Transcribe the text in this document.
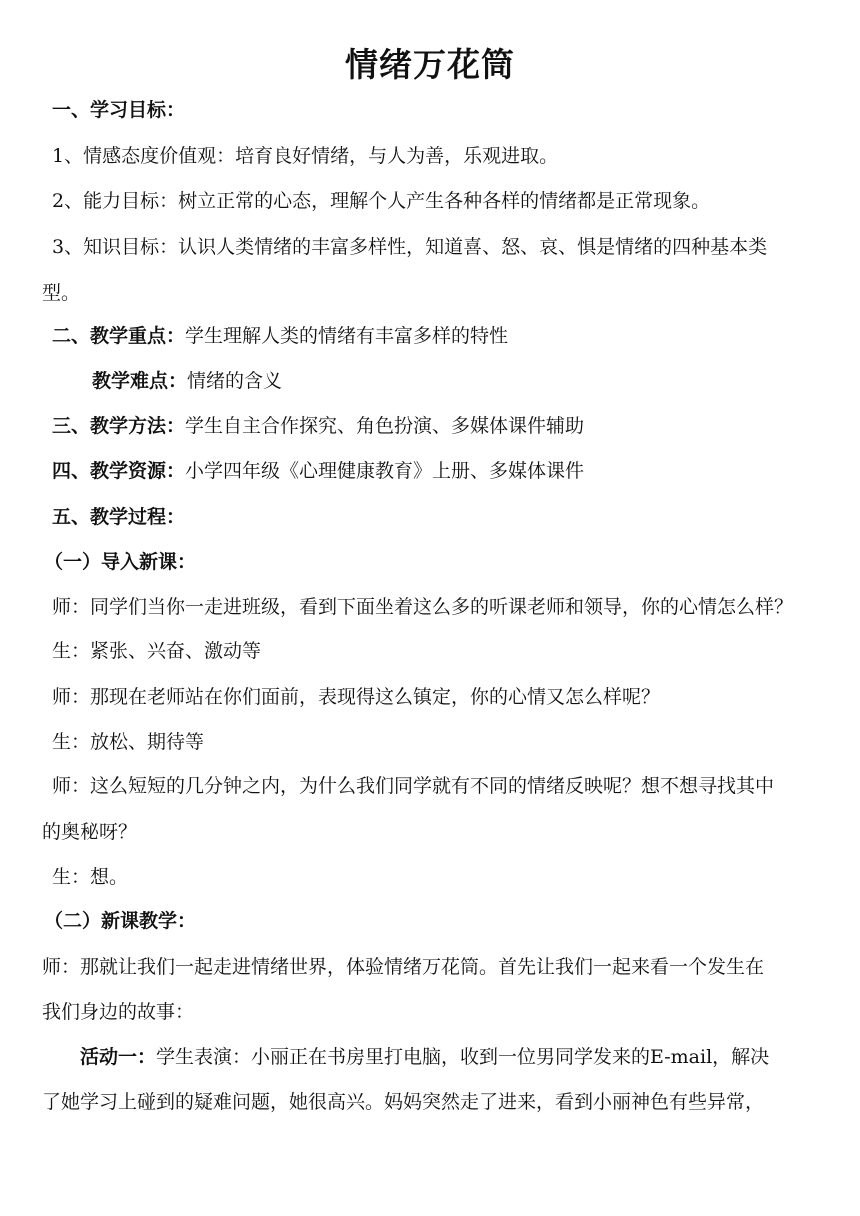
情绪万花筒
一、学习目标：
1、情感态度价值观：培育良好情绪，与人为善，乐观进取。
2、能力目标：树立正常的心态，理解个人产生各种各样的情绪都是正常现象。
3、知识目标：认识人类情绪的丰富多样性，知道喜、怒、哀、惧是情绪的四种基本类
型。
二、教学重点：学生理解人类的情绪有丰富多样的特性
教学难点：情绪的含义
三、教学方法：学生自主合作探究、角色扮演、多媒体课件辅助
四、教学资源：小学四年级《心理健康教育》上册、多媒体课件
五、教学过程：
（一）导入新课：
师：同学们当你一走进班级，看到下面坐着这么多的听课老师和领导，你的心情怎么样？
生：紧张、兴奋、激动等
师：那现在老师站在你们面前，表现得这么镇定，你的心情又怎么样呢？
生：放松、期待等
师：这么短短的几分钟之内，为什么我们同学就有不同的情绪反映呢？想不想寻找其中
的奥秘呀？
生：想。
（二）新课教学：
师：那就让我们一起走进情绪世界，体验情绪万花筒。首先让我们一起来看一个发生在
我们身边的故事：
活动一：学生表演：小丽正在书房里打电脑，收到一位男同学发来的E-mail，解决
了她学习上碰到的疑难问题，她很高兴。妈妈突然走了进来，看到小丽神色有些异常，
